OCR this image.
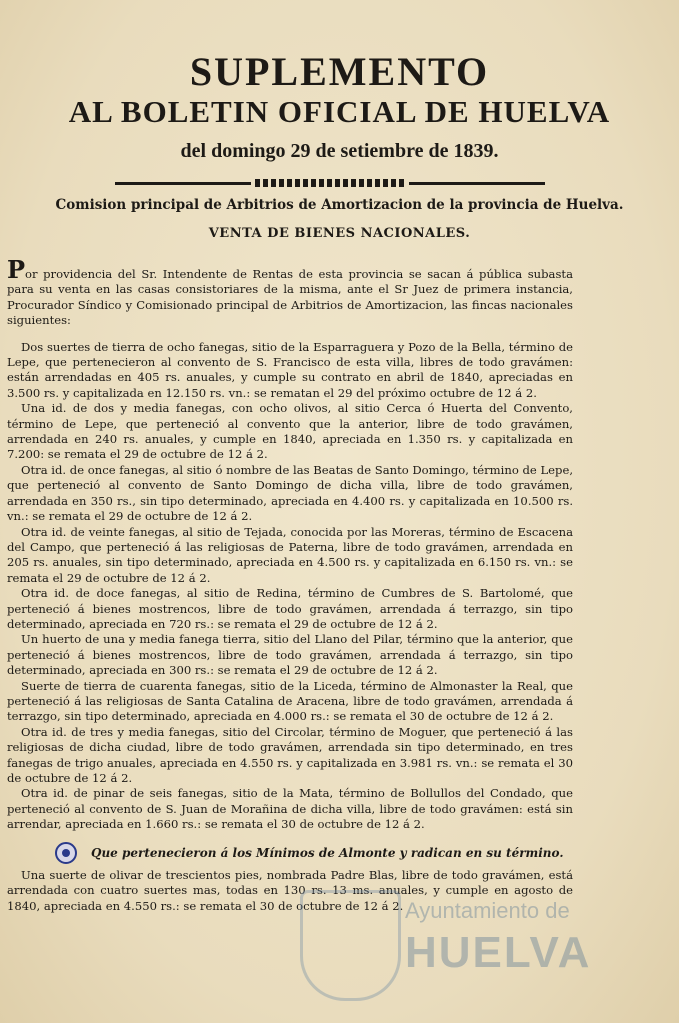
SUPLEMENTO
AL BOLETIN OFICIAL DE HUELVA
del domingo 29 de setiembre de 1839.

Comision principal de Arbitrios de Amortizacion de la provincia de Huelva.

VENTA DE BIENES NACIONALES.

Por providencia del Sr. Intendente de Rentas de esta provincia se sacan á pública subasta para su venta en las casas consistoriares de la misma, ante el Sr Juez de primera instancia, Procurador Síndico y Comisionado principal de Arbitrios de Amortizacion, las fincas nacionales siguientes:

Dos suertes de tierra de ocho fanegas, sitio de la Esparraguera y Pozo de la Bella, término de Lepe, que pertenecieron al convento de S. Francisco de esta villa, libres de todo gravámen: están arrendadas en 405 rs. anuales, y cumple su contrato en abril de 1840, apreciadas en 3.500 rs. y capitalizada en 12.150 rs. vn.: se rematan el 29 del próximo octubre de 12 á 2.

Una id. de dos y media fanegas, con ocho olivos, al sitio Cerca ó Huerta del Convento, término de Lepe, que perteneció al convento que la anterior, libre de todo gravámen, arrendada en 240 rs. anuales, y cumple en 1840, apreciada en 1.350 rs. y capitalizada en 7.200: se remata el 29 de octubre de 12 á 2.

Otra id. de once fanegas, al sitio ó nombre de las Beatas de Santo Domingo, término de Lepe, que perteneció al convento de Santo Domingo de dicha villa, libre de todo gravámen, arrendada en 350 rs., sin tipo determinado, apreciada en 4.400 rs. y capitalizada en 10.500 rs. vn.: se remata el 29 de octubre de 12 á 2.

Otra id. de veinte fanegas, al sitio de Tejada, conocida por las Moreras, término de Escacena del Campo, que perteneció á las religiosas de Paterna, libre de todo gravámen, arrendada en 205 rs. anuales, sin tipo determinado, apreciada en 4.500 rs. y capitalizada en 6.150 rs. vn.: se remata el 29 de octubre de 12 á 2.

Otra id. de doce fanegas, al sitio de Redina, término de Cumbres de S. Bartolomé, que perteneció á bienes mostrencos, libre de todo gravámen, arrendada á terrazgo, sin tipo determinado, apreciada en 720 rs.: se remata el 29 de octubre de 12 á 2.

Un huerto de una y media fanega tierra, sitio del Llano del Pilar, término que la anterior, que perteneció á bienes mostrencos, libre de todo gravámen, arrendada á terrazgo, sin tipo determinado, apreciada en 300 rs.: se remata el 29 de octubre de 12 á 2.

Suerte de tierra de cuarenta fanegas, sitio de la Liceda, término de Almonaster la Real, que perteneció á las religiosas de Santa Catalina de Aracena, libre de todo gravámen, arrendada á terrazgo, sin tipo determinado, apreciada en 4.000 rs.: se remata el 30 de octubre de 12 á 2.

Otra id. de tres y media fanegas, sitio del Circolar, término de Moguer, que perteneció á las religiosas de dicha ciudad, libre de todo gravámen, arrendada sin tipo determinado, en tres fanegas de trigo anuales, apreciada en 4.550 rs. y capitalizada en 3.981 rs. vn.: se remata el 30 de octubre de 12 á 2.

Otra id. de pinar de seis fanegas, sitio de la Mata, término de Bollullos del Condado, que perteneció al convento de S. Juan de Morañina de dicha villa, libre de todo gravámen: está sin arrendar, apreciada en 1.660 rs.: se remata el 30 de octubre de 12 á 2.

Que pertenecieron á los Mínimos de Almonte y radican en su término.

Una suerte de olivar de trescientos pies, nombrada Padre Blas, libre de todo gravámen, está arrendada con cuatro suertes mas, todas en 130 rs. 13 ms. anuales, y cumple en agosto de 1840, apreciada en 4.550 rs.: se remata el 30 de octubre de 12 á 2. Ayuntamiento de
HUELVA
